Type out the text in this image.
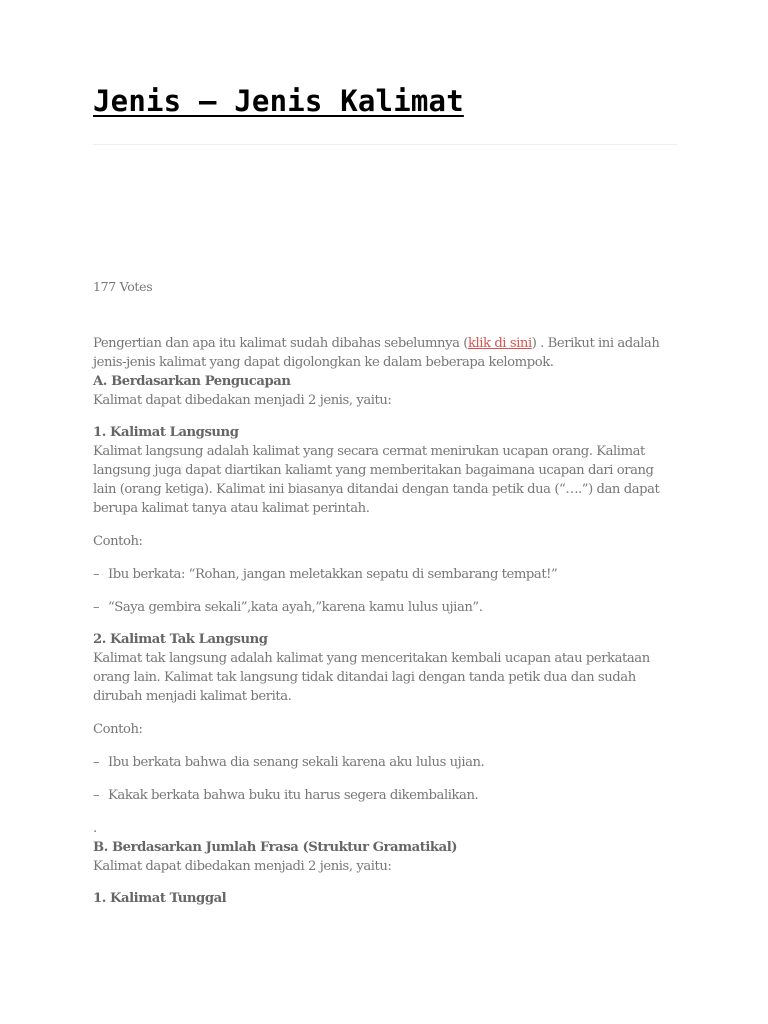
Jenis – Jenis Kalimat
177 Votes

Pengertian dan apa itu kalimat sudah dibahas sebelumnya (klik di sini) . Berikut ini adalah jenis-jenis kalimat yang dapat digolongkan ke dalam beberapa kelompok.

A. Berdasarkan Pengucapan

Kalimat dapat dibedakan menjadi 2 jenis, yaitu:

1. Kalimat Langsung

Kalimat langsung adalah kalimat yang secara cermat menirukan ucapan orang. Kalimat langsung juga dapat diartikan kaliamt yang memberitakan bagaimana ucapan dari orang lain (orang ketiga). Kalimat ini biasanya ditandai dengan tanda petik dua (“….”) dan dapat berupa kalimat tanya atau kalimat perintah.

Contoh:

– Ibu berkata: “Rohan, jangan meletakkan sepatu di sembarang tempat!”

– “Saya gembira sekali”,kata ayah,”karena kamu lulus ujian”.

2. Kalimat Tak Langsung

Kalimat tak langsung adalah kalimat yang menceritakan kembali ucapan atau perkataan orang lain. Kalimat tak langsung tidak ditandai lagi dengan tanda petik dua dan sudah dirubah menjadi kalimat berita.

Contoh:

– Ibu berkata bahwa dia senang sekali karena aku lulus ujian.

– Kakak berkata bahwa buku itu harus segera dikembalikan.

.

B. Berdasarkan Jumlah Frasa (Struktur Gramatikal)

Kalimat dapat dibedakan menjadi 2 jenis, yaitu:

1. Kalimat Tunggal
